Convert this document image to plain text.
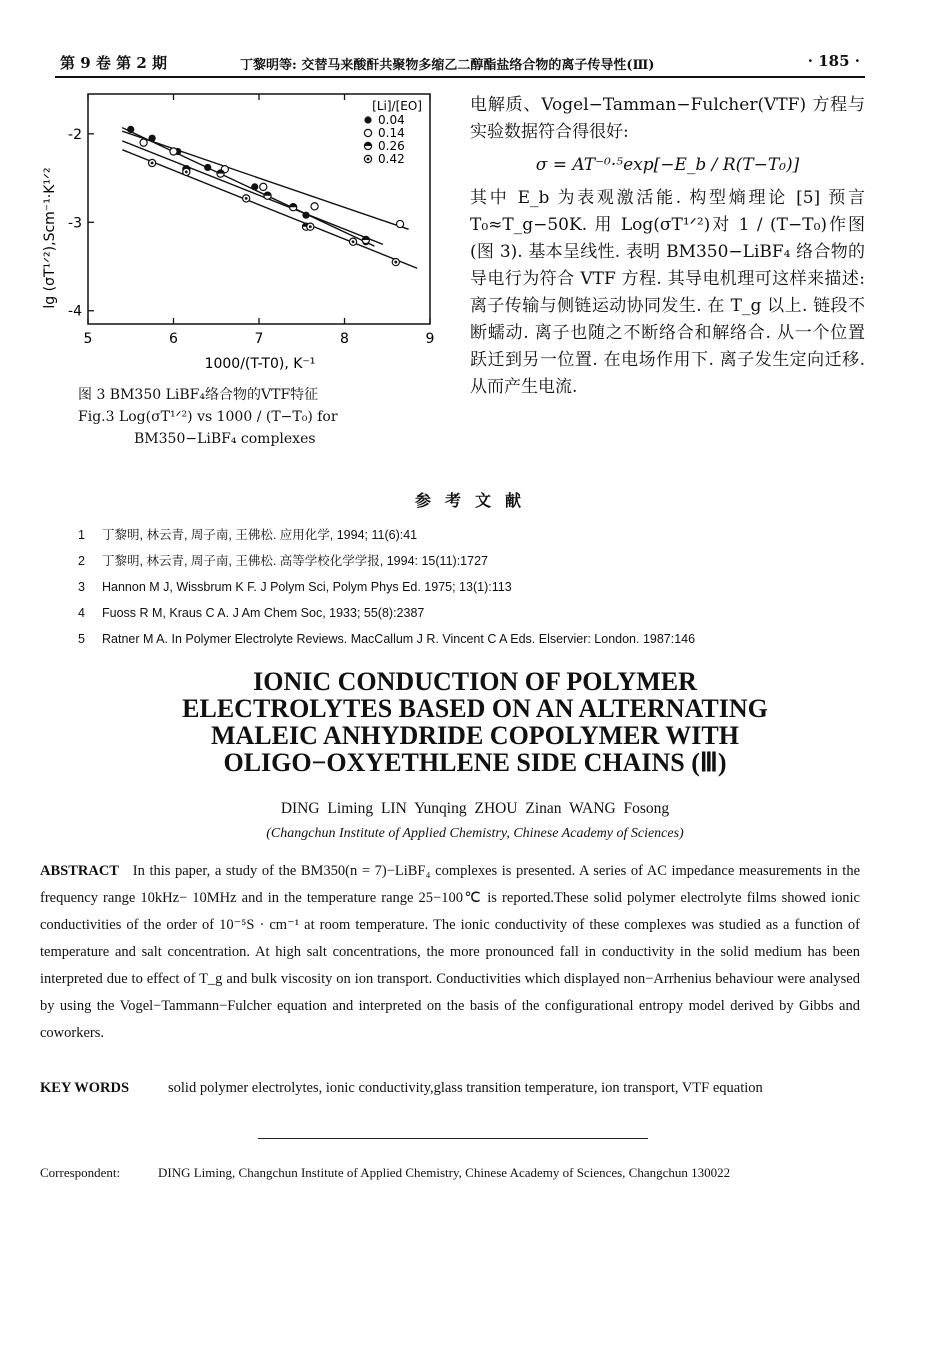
第 9 卷 第 2 期	丁黎明等: 交替马来酸酐共聚物多缩乙二醇酯盐络合物的离子传导性(Ⅲ)	· 185 ·
5	6	7	8	9
-2
-3
-4
[Li]/[EO]
0.04
0.14
0.26
0.42
lg (σT¹ᐟ²),Scm⁻¹·K¹ᐟ²
1000/(T-T0), K⁻¹
图 3 BM350 LiBF₄络合物的VTF特征
Fig.3 Log(σT¹ᐟ²) vs 1000 / (T−T₀) for
BM350−LiBF₄ complexes

电解质、Vogel−Tamman−Fulcher(VTF) 方程与实验数据符合得很好:

σ = AT⁻⁰·⁵exp[−E_b / R(T−T₀)]

其中 E_b 为表观激活能. 构型熵理论 [5] 预言 T₀≈T_g−50K. 用 Log(σT¹ᐟ²)对 1 / (T−T₀)作图(图 3). 基本呈线性. 表明 BM350−LiBF₄ 络合物的导电行为符合 VTF 方程. 其导电机理可这样来描述: 离子传输与侧链运动协同发生. 在 T_g 以上. 链段不断蠕动. 离子也随之不断络合和解络合. 从一个位置跃迁到另一位置. 在电场作用下. 离子发生定向迁移. 从而产生电流.

参考文献
1 丁黎明, 林云青, 周子南, 王佛松. 应用化学, 1994; 11(6):41
2 丁黎明, 林云青, 周子南, 王佛松. 高等学校化学学报, 1994: 15(11):1727
3 Hannon M J, Wissbrum K F. J Polym Sci, Polym Phys Ed. 1975; 13(1):113
4 Fuoss R M, Kraus C A. J Am Chem Soc, 1933; 55(8):2387
5 Ratner M A. In Polymer Electrolyte Reviews. MacCallum J R. Vincent C A Eds. Elservier: London. 1987:146
IONIC CONDUCTION OF POLYMER
ELECTROLYTES BASED ON AN ALTERNATING
MALEIC ANHYDRIDE COPOLYMER WITH
OLIGO−OXYETHLENE SIDE CHAINS (Ⅲ)
DING Liming LIN Yunqing ZHOU Zinan WANG Fosong
(Changchun Institute of Applied Chemistry, Chinese Academy of Sciences)
ABSTRACT In this paper, a study of the BM350(n = 7)−LiBF₄ complexes is presented. A series of AC impedance measurements in the frequency range 10kHz− 10MHz and in the temperature range 25−100℃ is reported.These solid polymer electrolyte films showed ionic conductivities of the order of 10⁻⁵S · cm⁻¹ at room temperature. The ionic conductivity of these complexes was studied as a function of temperature and salt concentration. At high salt concentrations, the more pronounced fall in conductivity in the solid medium has been interpreted due to effect of T_g and bulk viscosity on ion transport. Conductivities which displayed non−Arrhenius behaviour were analysed by using the Vogel−Tammann−Fulcher equation and interpreted on the basis of the configurational entropy model derived by Gibbs and coworkers.
KEY WORDS	solid polymer electrolytes, ionic conductivity,glass transition temperature, ion transport, VTF equation
Correspondent:	DING Liming, Changchun Institute of Applied Chemistry, Chinese Academy of Sciences, Changchun 130022
